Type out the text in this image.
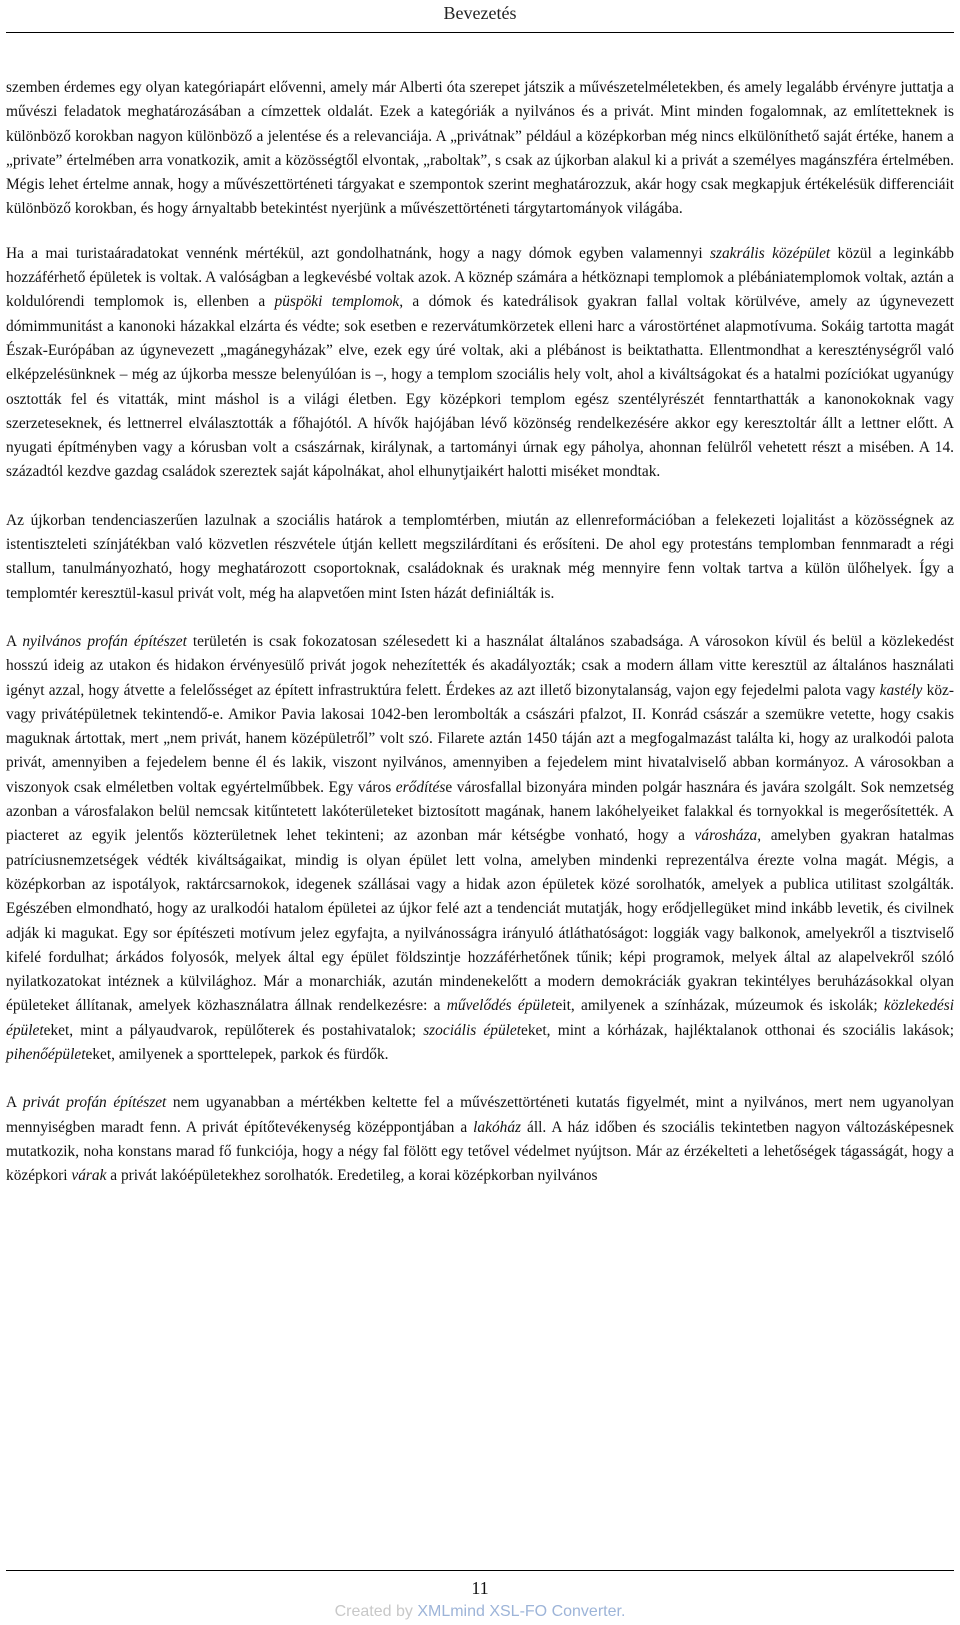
Bevezetés

szemben érdemes egy olyan kategóriapárt elővenni, amely már Alberti óta szerepet játszik a művészetelméletekben, és amely legalább érvényre juttatja a művészi feladatok meghatározásában a címzettek oldalát. Ezek a kategóriák a nyilvános és a privát. Mint minden fogalomnak, az említetteknek is különböző korokban nagyon különböző a jelentése és a relevanciája. A „privátnak” például a középkorban még nincs elkülöníthető saját értéke, hanem a „private” értelmében arra vonatkozik, amit a közösségtől elvontak, „raboltak”, s csak az újkorban alakul ki a privát a személyes magánszféra értelmében. Mégis lehet értelme annak, hogy a művészettörténeti tárgyakat e szempontok szerint meghatározzuk, akár hogy csak megkapjuk értékelésük differenciáit különböző korokban, és hogy árnyaltabb betekintést nyerjünk a művészettörténeti tárgytartományok világába.

Ha a mai turistaáradatokat vennénk mértékül, azt gondolhatnánk, hogy a nagy dómok egyben valamennyi szakrális középület közül a leginkább hozzáférhető épületek is voltak. A valóságban a legkevésbé voltak azok. A köznép számára a hétköznapi templomok a plébániatemplomok voltak, aztán a koldulórendi templomok is, ellenben a püspöki templomok, a dómok és katedrálisok gyakran fallal voltak körülvéve, amely az úgynevezett dómimmunitást a kanonoki házakkal elzárta és védte; sok esetben e rezervátumkörzetek elleni harc a várostörténet alapmotívuma. Sokáig tartotta magát Észak-Európában az úgynevezett „magánegyházak” elve, ezek egy úré voltak, aki a plébánost is beiktathatta. Ellentmondhat a kereszténységről való elképzelésünknek – még az újkorba messze belenyúlóan is –, hogy a templom szociális hely volt, ahol a kiváltságokat és a hatalmi pozíciókat ugyanúgy osztották fel és vitatták, mint máshol is a világi életben. Egy középkori templom egész szentélyrészét fenntarthatták a kanonokoknak vagy szerzeteseknek, és lettnerrel elválasztották a főhajótól. A hívők hajójában lévő közönség rendelkezésére akkor egy keresztoltár állt a lettner előtt. A nyugati építményben vagy a kórusban volt a császárnak, királynak, a tartományi úrnak egy páholya, ahonnan felülről vehetett részt a misében. A 14. századtól kezdve gazdag családok szereztek saját kápolnákat, ahol elhunytjaikért halotti miséket mondtak.

Az újkorban tendenciaszerűen lazulnak a szociális határok a templomtérben, miután az ellenreformációban a felekezeti lojalitást a közösségnek az istentiszteleti színjátékban való közvetlen részvétele útján kellett megszilárdítani és erősíteni. De ahol egy protestáns templomban fennmaradt a régi stallum, tanulmányozható, hogy meghatározott csoportoknak, családoknak és uraknak még mennyire fenn voltak tartva a külön ülőhelyek. Így a templomtér keresztül-kasul privát volt, még ha alapvetően mint Isten házát definiálták is.

A nyilvános profán építészet területén is csak fokozatosan szélesedett ki a használat általános szabadsága. A városokon kívül és belül a közlekedést hosszú ideig az utakon és hidakon érvényesülő privát jogok nehezítették és akadályozták; csak a modern állam vitte keresztül az általános használati igényt azzal, hogy átvette a felelősséget az épített infrastruktúra felett. Érdekes az azt illető bizonytalanság, vajon egy fejedelmi palota vagy kastély köz- vagy privátépületnek tekintendő-e. Amikor Pavia lakosai 1042-ben lerombolták a császári pfalzot, II. Konrád császár a szemükre vetette, hogy csakis maguknak ártottak, mert „nem privát, hanem középületről” volt szó. Filarete aztán 1450 táján azt a megfogalmazást találta ki, hogy az uralkodói palota privát, amennyiben a fejedelem benne él és lakik, viszont nyilvános, amennyiben a fejedelem mint hivatalviselő abban kormányoz. A városokban a viszonyok csak elméletben voltak egyértelműbbek. Egy város erődítése városfallal bizonyára minden polgár hasznára és javára szolgált. Sok nemzetség azonban a városfalakon belül nemcsak kitűntetett lakóterületeket biztosított magának, hanem lakóhelyeiket falakkal és tornyokkal is megerősítették. A piacteret az egyik jelentős közterületnek lehet tekinteni; az azonban már kétségbe vonható, hogy a városháza, amelyben gyakran hatalmas patríciusnemzetségek védték kiváltságaikat, mindig is olyan épület lett volna, amelyben mindenki reprezentálva érezte volna magát. Mégis, a középkorban az ispotályok, raktárcsarnokok, idegenek szállásai vagy a hidak azon épületek közé sorolhatók, amelyek a publica utilitast szolgálták. Egészében elmondható, hogy az uralkodói hatalom épületei az újkor felé azt a tendenciát mutatják, hogy erődjellegüket mind inkább levetik, és civilnek adják ki magukat. Egy sor építészeti motívum jelez egyfajta, a nyilvánosságra irányuló átláthatóságot: loggiák vagy balkonok, amelyekről a tisztviselő kifelé fordulhat; árkádos folyosók, melyek által egy épület földszintje hozzáférhetőnek tűnik; képi programok, melyek által az alapelvekről szóló nyilatkozatokat intéznek a külvilághoz. Már a monarchiák, azután mindenekelőtt a modern demokráciák gyakran tekintélyes beruházásokkal olyan épületeket állítanak, amelyek közhasználatra állnak rendelkezésre: a művelődés épületeit, amilyenek a színházak, múzeumok és iskolák; közlekedési épületeket, mint a pályaudvarok, repülőterek és postahivatalok; szociális épületeket, mint a kórházak, hajléktalanok otthonai és szociális lakások; pihenőépületeket, amilyenek a sporttelepek, parkok és fürdők.

A privát profán építészet nem ugyanabban a mértékben keltette fel a művészettörténeti kutatás figyelmét, mint a nyilvános, mert nem ugyanolyan mennyiségben maradt fenn. A privát építőtevékenység középpontjában a lakóház áll. A ház időben és szociális tekintetben nagyon változásképesnek mutatkozik, noha konstans marad fő funkciója, hogy a négy fal fölött egy tetővel védelmet nyújtson. Már az érzékelteti a lehetőségek tágasságát, hogy a középkori várak a privát lakóépületekhez sorolhatók. Eredetileg, a korai középkorban nyilvános

11
Created by XMLmind XSL-FO Converter.
